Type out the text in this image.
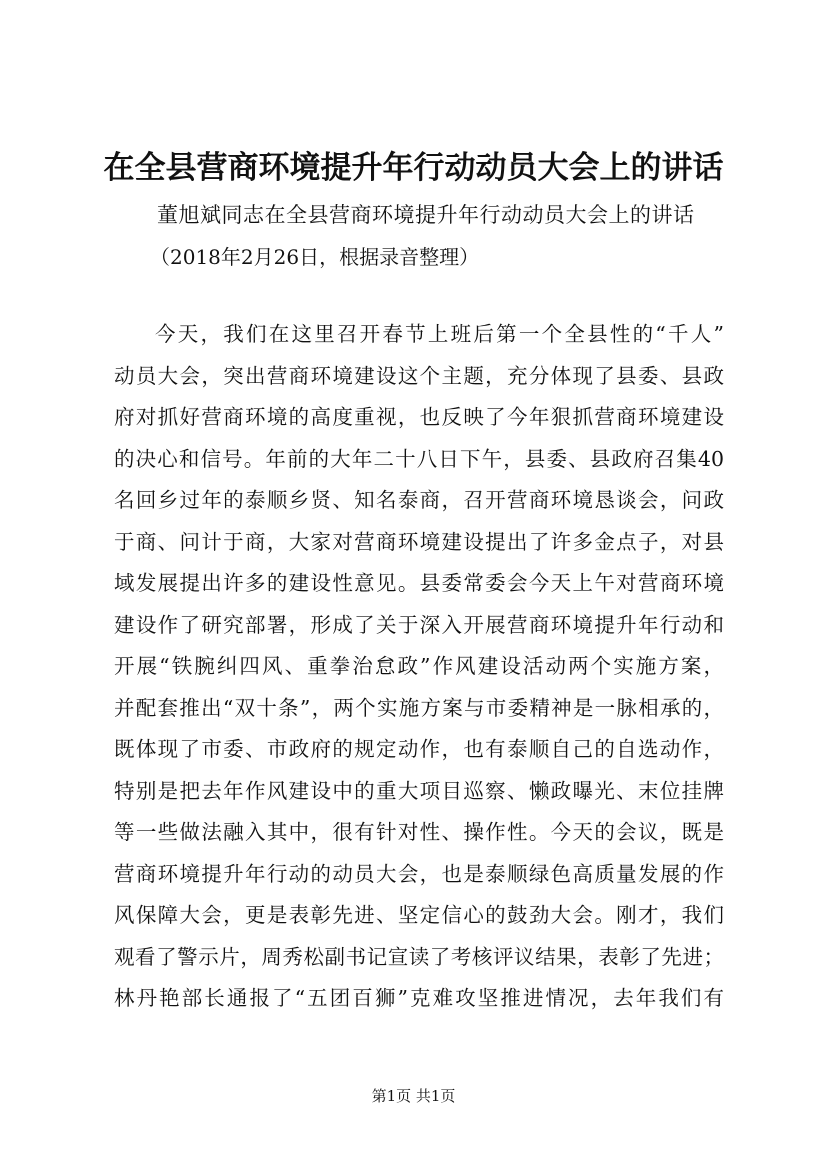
在全县营商环境提升年行动动员大会上的讲话
董旭斌同志在全县营商环境提升年行动动员大会上的讲话
（2018年2月26日，根据录音整理）
今天，我们在这里召开春节上班后第一个全县性的“千人”
动员大会，突出营商环境建设这个主题，充分体现了县委、县政
府对抓好营商环境的高度重视，也反映了今年狠抓营商环境建设
的决心和信号。年前的大年二十八日下午，县委、县政府召集40
名回乡过年的泰顺乡贤、知名泰商，召开营商环境恳谈会，问政
于商、问计于商，大家对营商环境建设提出了许多金点子，对县
域发展提出许多的建设性意见。县委常委会今天上午对营商环境
建设作了研究部署，形成了关于深入开展营商环境提升年行动和
开展“铁腕纠四风、重拳治怠政”作风建设活动两个实施方案，
并配套推出“双十条”，两个实施方案与市委精神是一脉相承的，
既体现了市委、市政府的规定动作，也有泰顺自己的自选动作，
特别是把去年作风建设中的重大项目巡察、懒政曝光、末位挂牌
等一些做法融入其中，很有针对性、操作性。今天的会议，既是
营商环境提升年行动的动员大会，也是泰顺绿色高质量发展的作
风保障大会，更是表彰先进、坚定信心的鼓劲大会。刚才，我们
观看了警示片，周秀松副书记宣读了考核评议结果，表彰了先进；
林丹艳部长通报了“五团百狮”克难攻坚推进情况，去年我们有
第1页 共1页
